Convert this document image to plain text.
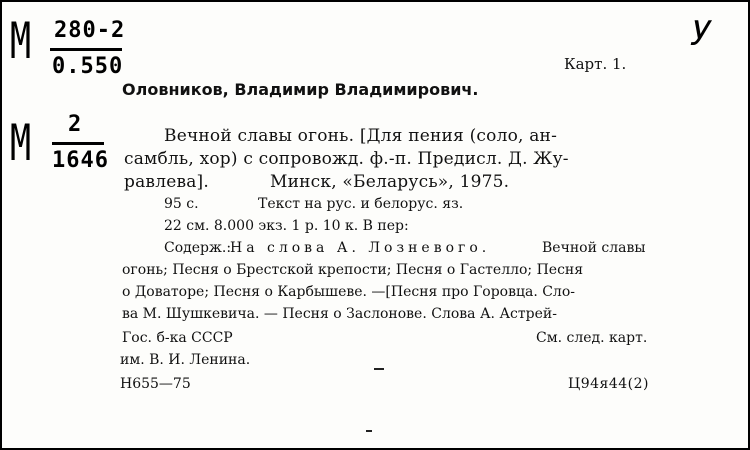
М 280-2
0.550
У
Карт. 1.
Оловников, Владимир Владимирович.
М 2
1646
Вечной славы огонь. [Для пения (соло, ан-
самбль, хор) с сопровожд. ф.-п. Предисл. Д. Жу-
равлева].	Минск, «Беларусь», 1975.
95 с.	Текст на рус. и белорус. яз.
22 см. 8.000 экз. 1 р. 10 к. В пер:
Содерж.:
На слова А. Лозневого.	Вечной славы
огонь; Песня о Брестской крепости; Песня о Гастелло; Песня
о Доваторе; Песня о Карбышеве. —[Песня про Горовца. Сло-
ва М. Шушкевича. — Песня о Заслонове. Слова А. Астрей-
Гос. б-ка СССР	См. след. карт.
им. В. И. Ленина.
Н655—75	Ц94я44(2)
